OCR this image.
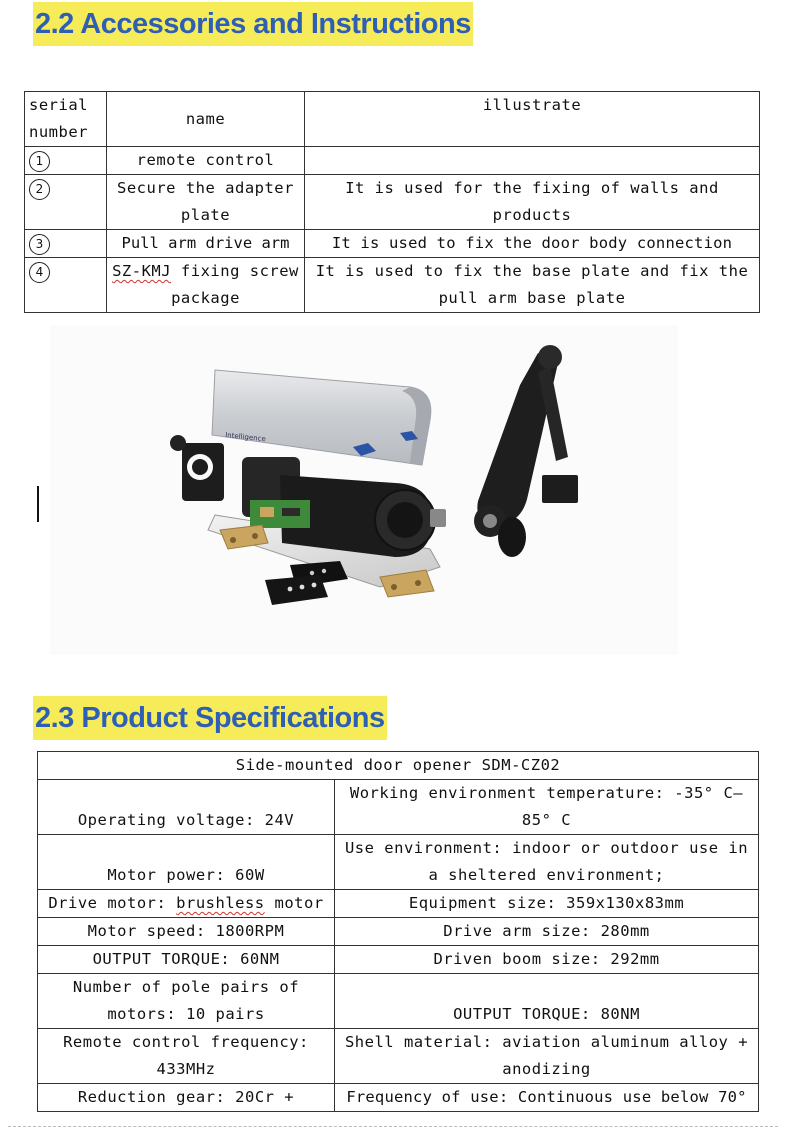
2.2 Accessories and Instructions
serial number	name	illustrate
1	remote control	
2	Secure the adapter plate	It is used for the fixing of walls and products
3	Pull arm drive arm	It is used to fix the door body connection
4	SZ-KMJ fixing screw package	It is used to fix the base plate and fix the pull arm base plate
Intelligence
2.3 Product Specifications
Side-mounted door opener SDM-CZ02	
Operating voltage: 24V	Working environment temperature: -35° C—85° C
Motor power: 60W	Use environment: indoor or outdoor use in a sheltered environment;
Drive motor: brushless motor	Equipment size: 359x130x83mm
Motor speed: 1800RPM	Drive arm size: 280mm
OUTPUT TORQUE: 60NM	Driven boom size: 292mm
Number of pole pairs of motors: 10 pairs	OUTPUT TORQUE: 80NM
Remote control frequency: 433MHz	Shell material: aviation aluminum alloy + anodizing
Reduction gear: 20Cr +	Frequency of use: Continuous use below 70°
